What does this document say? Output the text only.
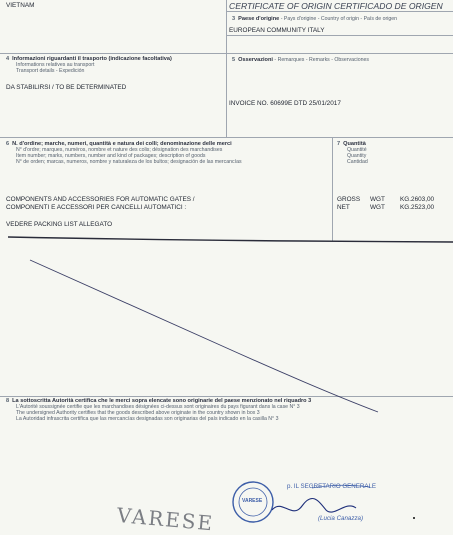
VIETNAM	CERTIFICATE OF ORIGIN CERTIFICADO DE ORIGEN
3 Paese d'origine - Pays d'origine - Country of origin - País de origen
EUROPEAN COMMUNITY ITALY
4 Informazioni riguardanti il trasporto (indicazione facoltativa)
Informations relatives au transport
Transport details - Expedición
DA STABILIRSI / TO BE DETERMINATED
5 Osservazioni - Remarques - Remarks - Observaciones
INVOICE NO. 60699E DTD 25/01/2017
6 N. d'ordine; marche, numeri, quantità e natura dei colli; denominazione delle merci
N° d'ordre; marques, numéros, nombre et nature des colis; désignation des marchandises
Item number; marks, numbers, number and kind of packages; description of goods
N° de orden; marcas, numeros, nombre y naturaleza de los bultos; designación de las mercancías
7 Quantità
Quantité
Quantity
Cantidad
COMPONENTS AND ACCESSORIES FOR AUTOMATIC GATES /
COMPONENTI E ACCESSORI PER CANCELLI AUTOMATICI :
VEDERE PACKING LIST ALLEGATO
GROSS WGT KG.2603,00
NET	WGT KG.2523,00
8 La sottoscritta Autorità certifica che le merci sopra elencate sono originarie del paese menzionato nel riquadro 3
L'Autorité soussignée certifie que les marchandises désignées ci-dessus sont originaires du pays figurant dans la case N° 3
The undersigned Authority certifies that the goods described above originate in the country shown in box 3
La Autoridad infrascrita certifica que las mercancías designadas son originarias del país indicado en la casilla N° 3
VARESE
p. IL SEGRETARIO GENERALE
(Lucia Canazza)
VARESE
